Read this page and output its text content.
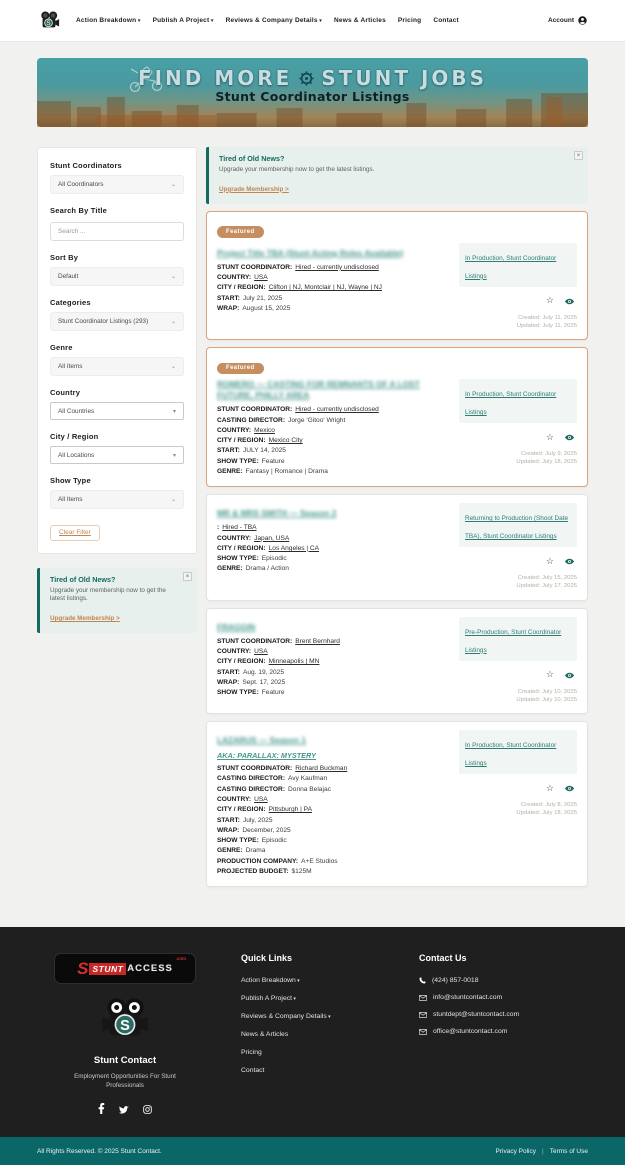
S	Action Breakdown ▾	Publish A Project ▾	Reviews & Company Details ▾	News & Articles Pricing Contact	Account
FIND MORE STUNT JOBS
Stunt Coordinator Listings
Stunt Coordinators
All Coordinators	⌄
Search By Title
Search ...
Sort By
Default	⌄
Categories
Stunt Coordinator Listings (293)	⌄
Genre
All Items	⌄
Country
All Countries	▾
City / Region
All Locations	▾
Show Type
All Items	⌄
Clear Filter
×
Tired of Old News?
Upgrade your membership now to get the latest listings.
Upgrade Membership >
×
Tired of Old News?
Upgrade your membership now to get the latest listings.
Upgrade Membership >
Featured
Project Title TBA (Stunt Acting Roles Available)
STUNT COORDINATOR: Hired - currently undisclosed
COUNTRY: USA
CITY / REGION: Clifton | NJ, Montclair | NJ, Wayne | NJ
START: July 21, 2025
WRAP: August 15, 2025
In Production, Stunt Coordinator Listings
☆
Created: July 11, 2025
Updated: July 11, 2025
Featured
ROMERO — CASTING FOR REMNANTS OF A LOST FUTURE, PHILLY AREA
STUNT COORDINATOR: Hired - currently undisclosed
CASTING DIRECTOR: Jorge 'Gitoo' Wright
COUNTRY: Mexico
CITY / REGION: Mexico City
START: JULY 14, 2025
SHOW TYPE: Feature
GENRE: Fantasy | Romance | Drama
In Production, Stunt Coordinator Listings
☆
Created: July 9, 2025
Updated: July 18, 2025
MR & MRS SMITH — Season 2
: Hired - TBA
COUNTRY: Japan, USA
CITY / REGION: Los Angeles | CA
SHOW TYPE: Episodic
GENRE: Drama / Action
Returning to Production (Shoot Date TBA), Stunt Coordinator Listings
☆
Created: July 15, 2025
Updated: July 17, 2025
FRAGGIN
STUNT COORDINATOR: Brent Bernhard
COUNTRY: USA
CITY / REGION: Minneapolis | MN
START: Aug. 19, 2025
WRAP: Sept. 17, 2025
SHOW TYPE: Feature
Pre-Production, Stunt Coordinator Listings
☆
Created: July 10, 2025
Updated: July 10, 2025
LAZARUS — Season 1
AKA: PARALLAX: MYSTERY
STUNT COORDINATOR: Richard Buckman
CASTING DIRECTOR: Avy Kaufman
CASTING DIRECTOR: Donna Belajac
COUNTRY: USA
CITY / REGION: Pittsburgh | PA
START: July, 2025
WRAP: December, 2025
SHOW TYPE: Episodic
GENRE: Drama
PRODUCTION COMPANY: A+E Studios
PROJECTED BUDGET: $125M
In Production, Stunt Coordinator Listings
☆
Created: July 8, 2025
Updated: July 18, 2025
S STUNT ACCESS
.com
S
Stunt Contact
Employment Opportunities For Stunt Professionals
Quick Links
Action Breakdown ▾
Publish A Project ▾
Reviews & Company Details ▾
News & Articles
Pricing
Contact
Contact Us
(424) 857-0018
info@stuntcontact.com
stuntdept@stuntcontact.com
office@stuntcontact.com
All Rights Reserved. © 2025 Stunt Contact.	Privacy Policy | Terms of Use
